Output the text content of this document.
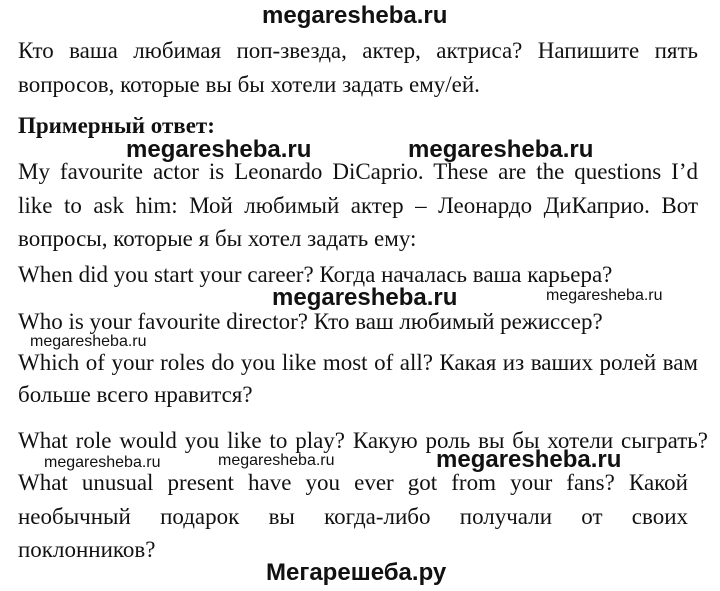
megaresheba.ru
Кто ваша любимая поп-звезда, актер, актриса? Напишите пять
вопросов, которые вы бы хотели задать ему/ей.
Примерный ответ:
megaresheba.ru	megaresheba.ru
My favourite actor is Leonardo DiCaprio. These are the questions I’d
like to ask him: Мой любимый актер – Леонардо ДиКаприо. Вот
вопросы, которые я бы хотел задать ему:
When did you start your career? Когда началась ваша карьера?
megaresheba.ru	megaresheba.ru
Who is your favourite director? Кто ваш любимый режиссер?
megaresheba.ru
Which of your roles do you like most of all? Какая из ваших ролей вам
больше всего нравится?
What role would you like to play? Какую роль вы бы хотели сыграть?
megaresheba.ru	megaresheba.ru	megaresheba.ru
What unusual present have you ever got from your fans? Какой
необычный подарок вы когда-либо получали от своих
поклонников?
Мегарешеба.ру
